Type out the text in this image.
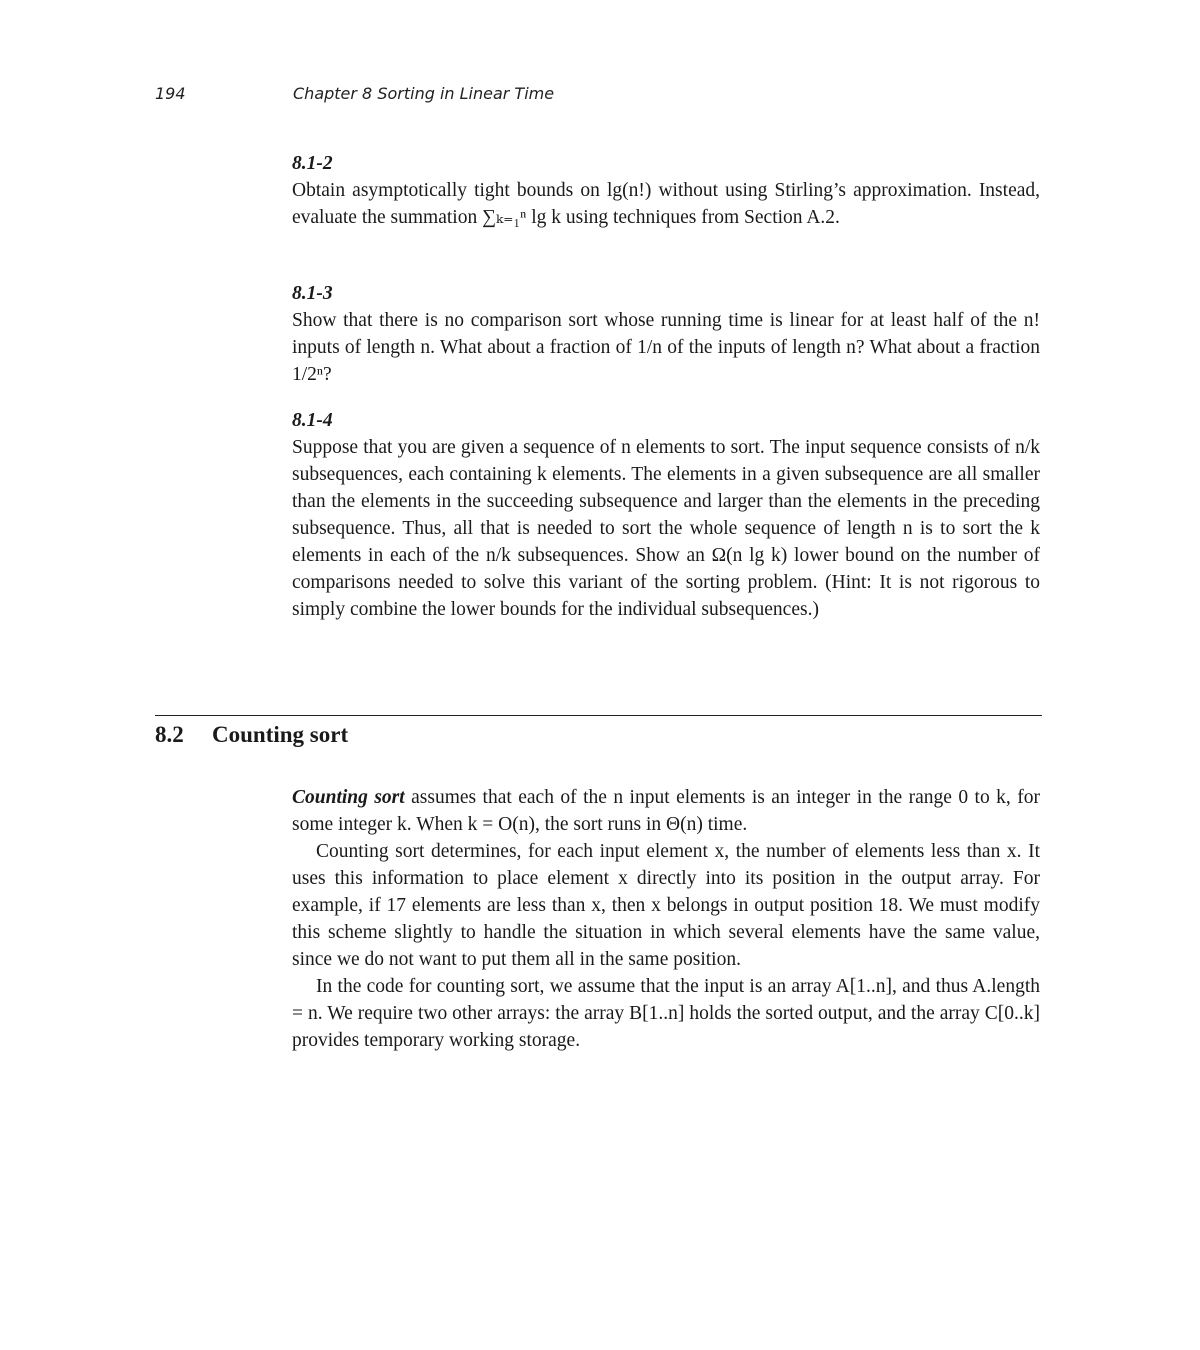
194	Chapter 8 Sorting in Linear Time
8.1-2
Obtain asymptotically tight bounds on lg(n!) without using Stirling’s approximation. Instead, evaluate the summation ∑ₖ₌₁ⁿ lg k using techniques from Section A.2.
8.1-3
Show that there is no comparison sort whose running time is linear for at least half of the n! inputs of length n. What about a fraction of 1/n of the inputs of length n? What about a fraction 1/2ⁿ?
8.1-4
Suppose that you are given a sequence of n elements to sort. The input sequence consists of n/k subsequences, each containing k elements. The elements in a given subsequence are all smaller than the elements in the succeeding subsequence and larger than the elements in the preceding subsequence. Thus, all that is needed to sort the whole sequence of length n is to sort the k elements in each of the n/k subsequences. Show an Ω(n lg k) lower bound on the number of comparisons needed to solve this variant of the sorting problem. (Hint: It is not rigorous to simply combine the lower bounds for the individual subsequences.)
8.2 Counting sort
Counting sort assumes that each of the n input elements is an integer in the range 0 to k, for some integer k. When k = O(n), the sort runs in Θ(n) time.
Counting sort determines, for each input element x, the number of elements less than x. It uses this information to place element x directly into its position in the output array. For example, if 17 elements are less than x, then x belongs in output position 18. We must modify this scheme slightly to handle the situation in which several elements have the same value, since we do not want to put them all in the same position.
In the code for counting sort, we assume that the input is an array A[1..n], and thus A.length = n. We require two other arrays: the array B[1..n] holds the sorted output, and the array C[0..k] provides temporary working storage.
